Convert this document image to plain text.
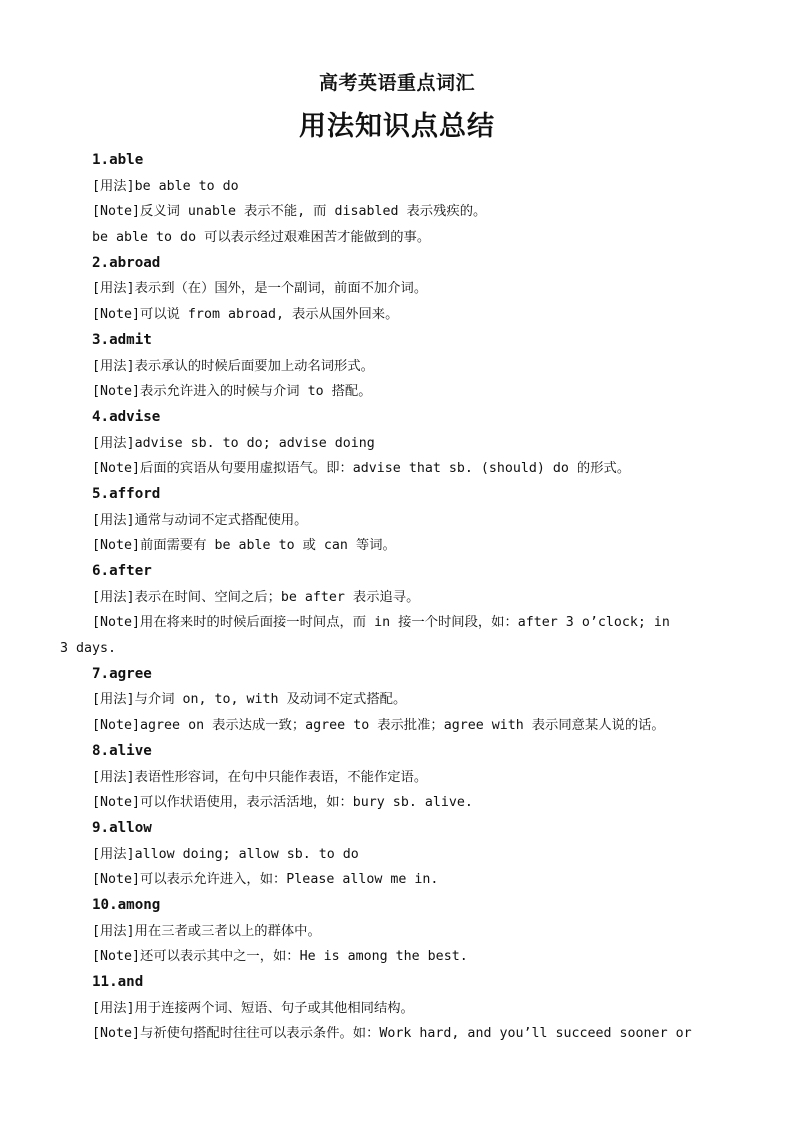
高考英语重点词汇
用法知识点总结
1.able
[用法]be able to do
[Note]反义词 unable 表示不能, 而 disabled 表示残疾的。
be able to do 可以表示经过艰难困苦才能做到的事。
2.abroad
[用法]表示到（在）国外，是一个副词，前面不加介词。
[Note]可以说 from abroad, 表示从国外回来。
3.admit
[用法]表示承认的时候后面要加上动名词形式。
[Note]表示允许进入的时候与介词 to 搭配。
4.advise
[用法]advise sb. to do; advise doing
[Note]后面的宾语从句要用虚拟语气。即：advise that sb. (should) do 的形式。
5.afford
[用法]通常与动词不定式搭配使用。
[Note]前面需要有 be able to 或 can 等词。
6.after
[用法]表示在时间、空间之后；be after 表示追寻。
[Note]用在将来时的时候后面接一时间点，而 in 接一个时间段，如：after 3 o’clock; in
3 days.
7.agree
[用法]与介词 on, to, with 及动词不定式搭配。
[Note]agree on 表示达成一致；agree to 表示批准；agree with 表示同意某人说的话。
8.alive
[用法]表语性形容词，在句中只能作表语，不能作定语。
[Note]可以作状语使用，表示活活地，如：bury sb. alive.
9.allow
[用法]allow doing; allow sb. to do
[Note]可以表示允许进入，如：Please allow me in.
10.among
[用法]用在三者或三者以上的群体中。
[Note]还可以表示其中之一，如：He is among the best.
11.and
[用法]用于连接两个词、短语、句子或其他相同结构。
[Note]与祈使句搭配时往往可以表示条件。如：Work hard, and you’ll succeed sooner or
